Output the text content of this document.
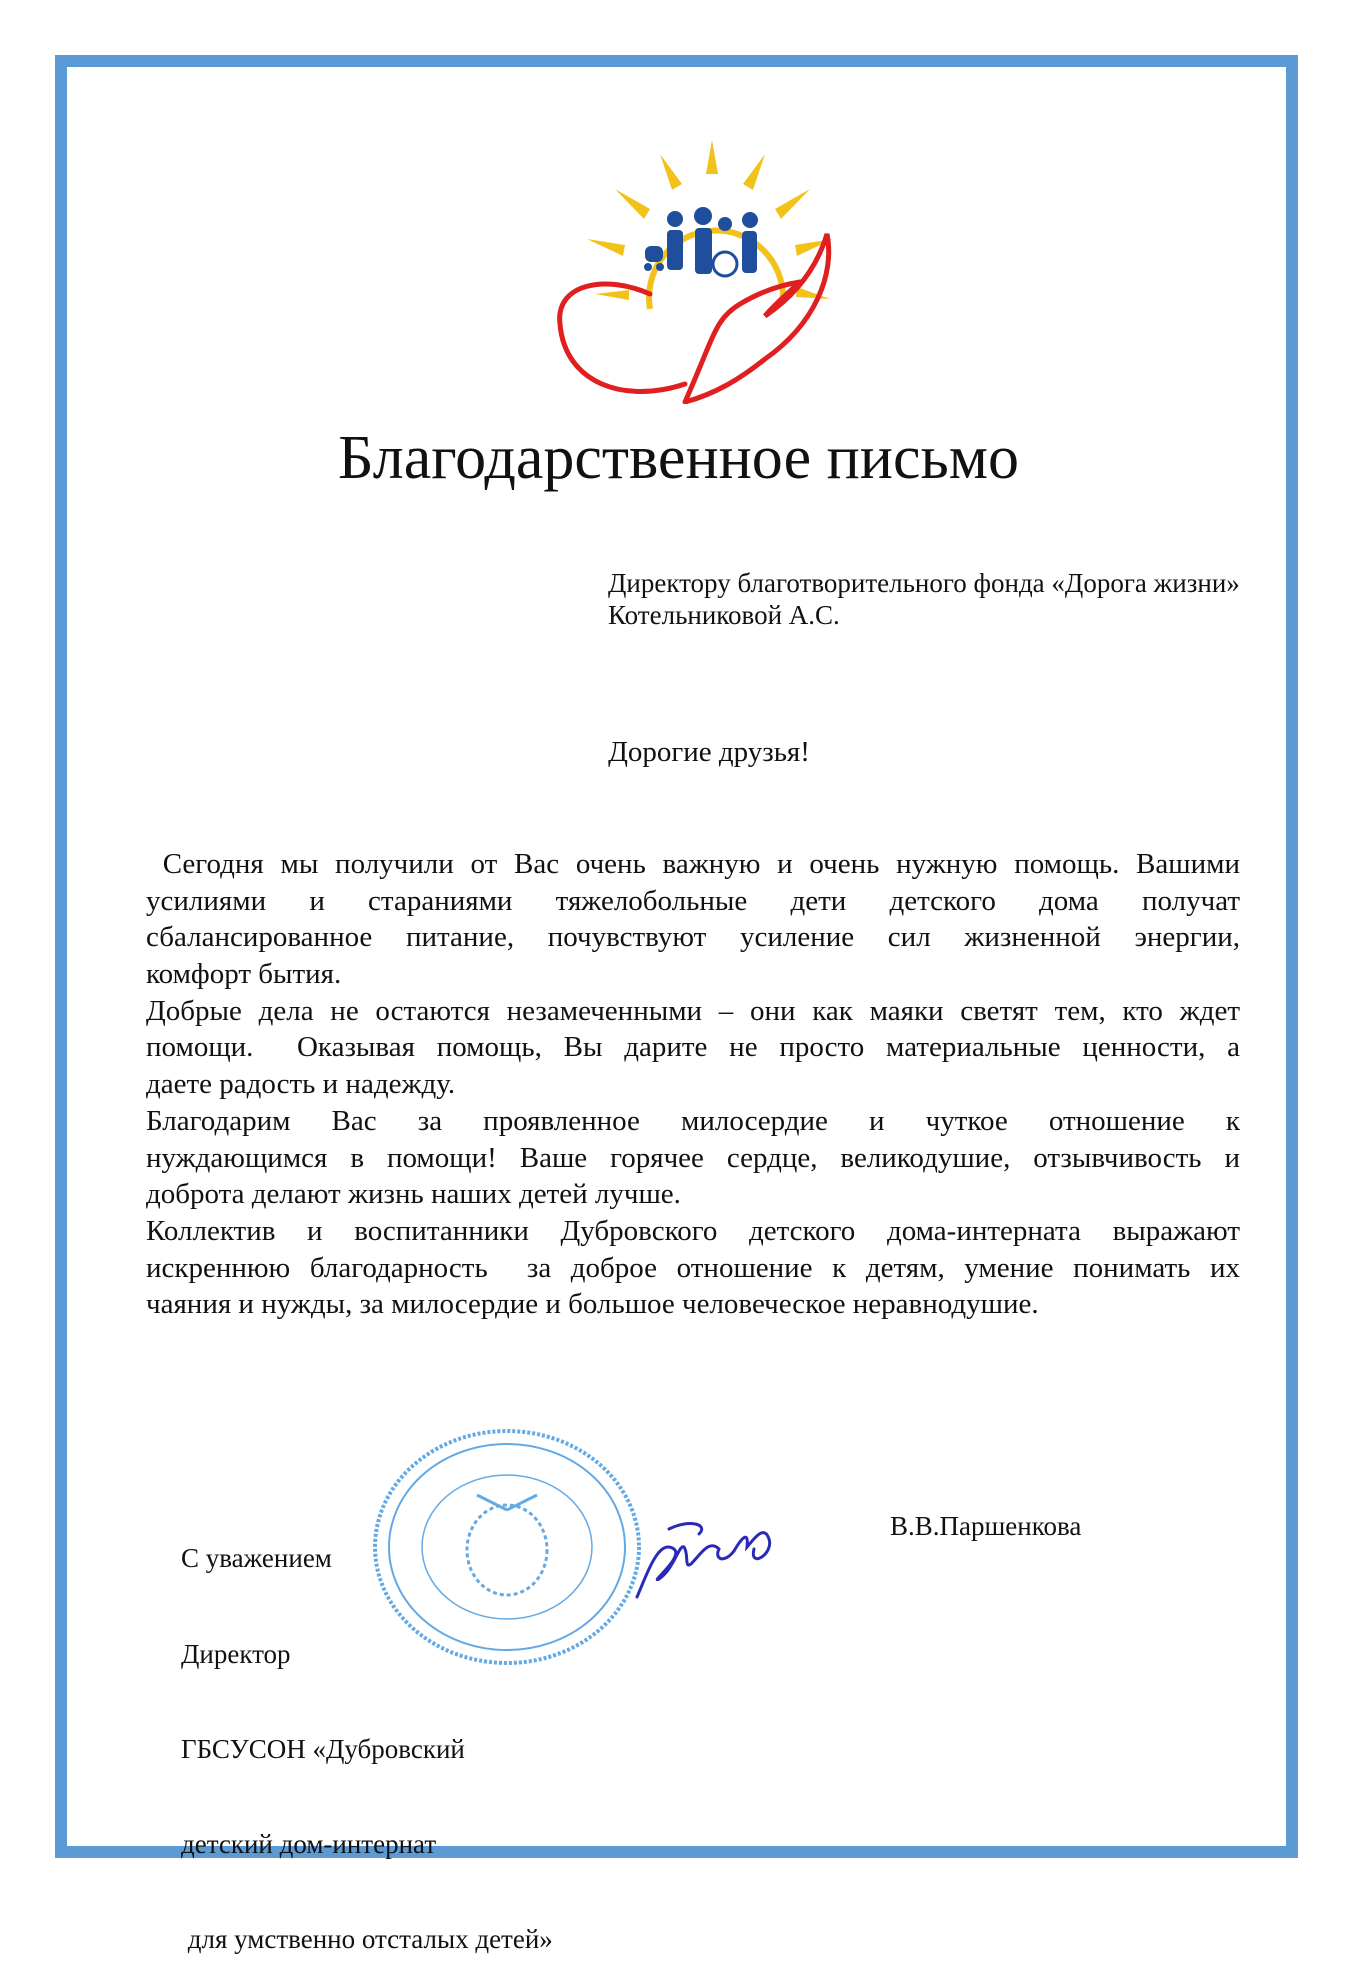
Благодарственное письмо
Директору благотворительного фонда «Дорога жизни»
Котельниковой А.С.
Дорогие друзья!
Сегодня мы получили от Вас очень важную и очень нужную помощь. Вашими
усилиями и стараниями тяжелобольные дети детского дома получат
сбалансированное питание, почувствуют усиление сил жизненной энергии,
комфорт бытия.
Добрые дела не остаются незамеченными – они как маяки светят тем, кто ждет
помощи.  Оказывая помощь, Вы дарите не просто материальные ценности, а
даете радость и надежду.
Благодарим Вас за проявленное милосердие и чуткое отношение к
нуждающимся в помощи! Ваше горячее сердце, великодушие, отзывчивость и
доброта делают жизнь наших детей лучше.
Коллектив и воспитанники Дубровского детского дома-интерната выражают
искреннюю благодарность  за доброе отношение к детям, умение понимать их
чаяния и нужды, за милосердие и большое человеческое неравнодушие.

С уважением

Директор

ГБСУСОН «Дубровский

детский дом-интернат

для умственно отсталых детей»

В.В.Паршенкова
